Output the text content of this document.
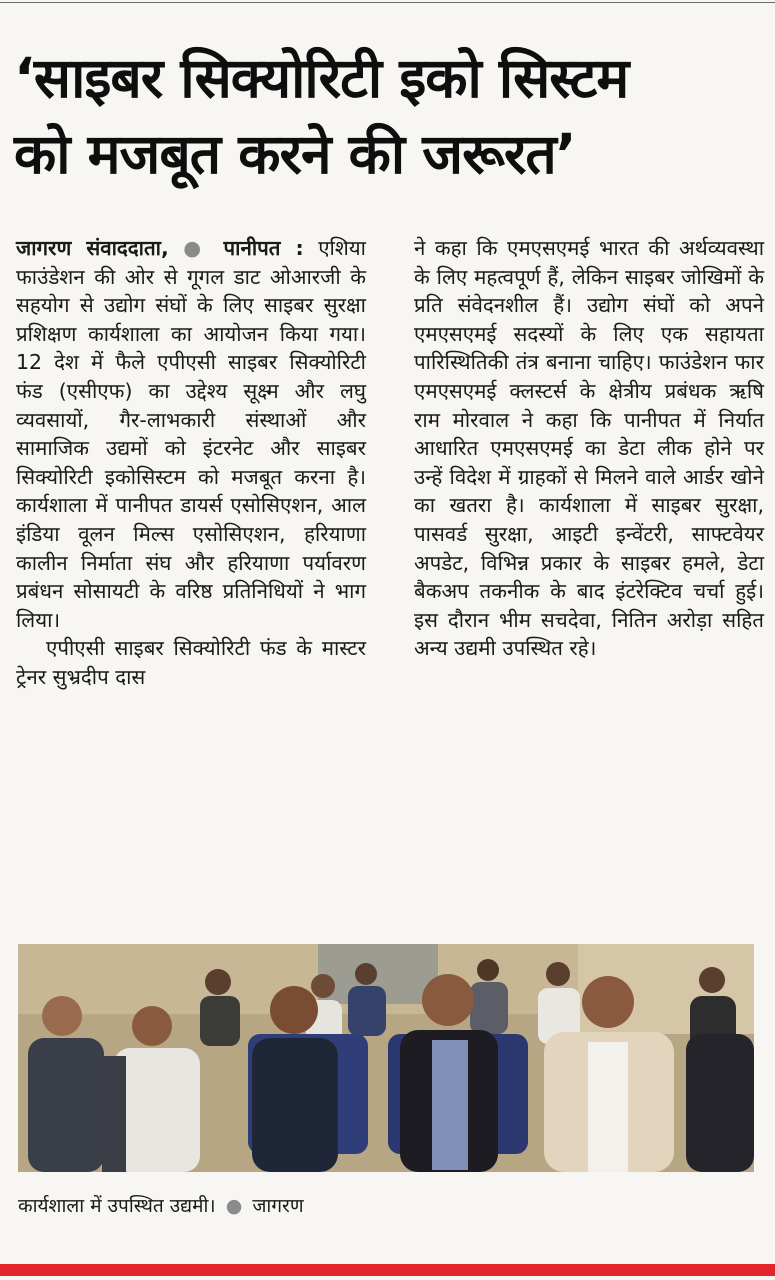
‘साइबर सिक्योरिटी इको सिस्टम
को मजबूत करने की जरूरत’

जागरण संवाददाता, ● पानीपत : एशिया फाउंडेशन की ओर से गूगल डाट ओआरजी के सहयोग से उद्योग संघों के लिए साइबर सुरक्षा प्रशिक्षण कार्यशाला का आयोजन किया गया। 12 देश में फैले एपीएसी साइबर सिक्योरिटी फंड (एसीएफ) का उद्देश्य सूक्ष्म और लघु व्यवसायों, गैर-लाभकारी संस्थाओं और सामाजिक उद्यमों को इंटरनेट और साइबर सिक्योरिटी इकोसिस्टम को मजबूत करना है। कार्यशाला में पानीपत डायर्स एसोसिएशन, आल इंडिया वूलन मिल्स एसोसिएशन, हरियाणा कालीन निर्माता संघ और हरियाणा पर्यावरण प्रबंधन सोसायटी के वरिष्ठ प्रतिनिधियों ने भाग लिया।

एपीएसी साइबर सिक्योरिटी फंड के मास्टर ट्रेनर सुभ्रदीप दास

ने कहा कि एमएसएमई भारत की अर्थव्यवस्था के लिए महत्वपूर्ण हैं, लेकिन साइबर जोखिमों के प्रति संवेदनशील हैं। उद्योग संघों को अपने एमएसएमई सदस्यों के लिए एक सहायता पारिस्थितिकी तंत्र बनाना चाहिए। फाउंडेशन फार एमएसएमई क्लस्टर्स के क्षेत्रीय प्रबंधक ऋषि राम मोरवाल ने कहा कि पानीपत में निर्यात आधारित एमएसएमई का डेटा लीक होने पर उन्हें विदेश में ग्राहकों से मिलने वाले आर्डर खोने का खतरा है। कार्यशाला में साइबर सुरक्षा, पासवर्ड सुरक्षा, आइटी इन्वेंटरी, साफ्टवेयर अपडेट, विभिन्न प्रकार के साइबर हमले, डेटा बैकअप तकनीक के बाद इंटरेक्टिव चर्चा हुई। इस दौरान भीम सचदेवा, नितिन अरोड़ा सहित अन्य उद्यमी उपस्थित रहे।

कार्यशाला में उपस्थित उद्यमी। ● जागरण
